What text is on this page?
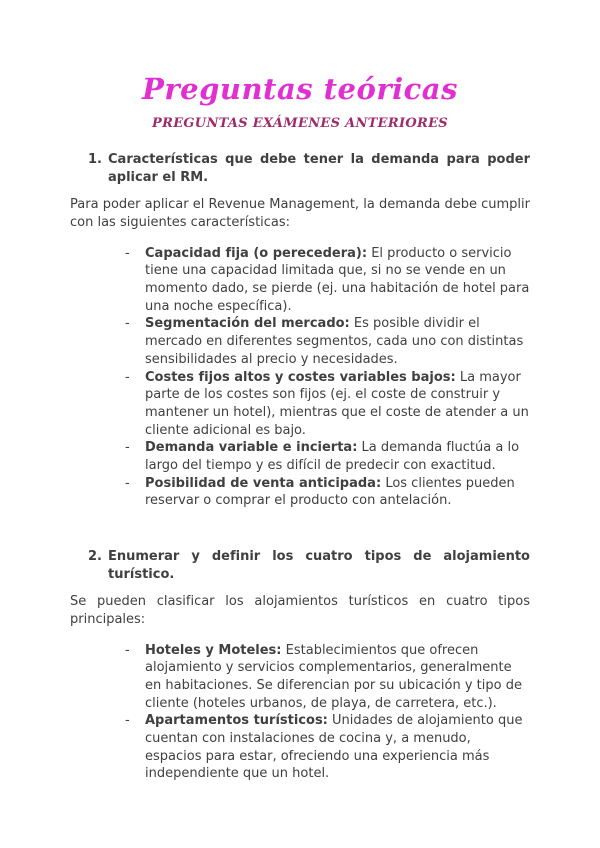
Preguntas teóricas
PREGUNTAS EXÁMENES ANTERIORES
1. Características que debe tener la demanda para poder aplicar el RM.

Para poder aplicar el Revenue Management, la demanda debe cumplir con las siguientes características:

-	Capacidad fija (o perecedera): El producto o servicio tiene una capacidad limitada que, si no se vende en un momento dado, se pierde (ej. una habitación de hotel para una noche específica).
-	Segmentación del mercado: Es posible dividir el mercado en diferentes segmentos, cada uno con distintas sensibilidades al precio y necesidades.
-	Costes fijos altos y costes variables bajos: La mayor parte de los costes son fijos (ej. el coste de construir y mantener un hotel), mientras que el coste de atender a un cliente adicional es bajo.
-	Demanda variable e incierta: La demanda fluctúa a lo largo del tiempo y es difícil de predecir con exactitud.
-	Posibilidad de venta anticipada: Los clientes pueden reservar o comprar el producto con antelación.
2. Enumerar y definir los cuatro tipos de alojamiento turístico.

Se pueden clasificar los alojamientos turísticos en cuatro tipos principales:

-	Hoteles y Moteles: Establecimientos que ofrecen alojamiento y servicios complementarios, generalmente en habitaciones. Se diferencian por su ubicación y tipo de cliente (hoteles urbanos, de playa, de carretera, etc.).
-	Apartamentos turísticos: Unidades de alojamiento que cuentan con instalaciones de cocina y, a menudo, espacios para estar, ofreciendo una experiencia más independiente que un hotel.
